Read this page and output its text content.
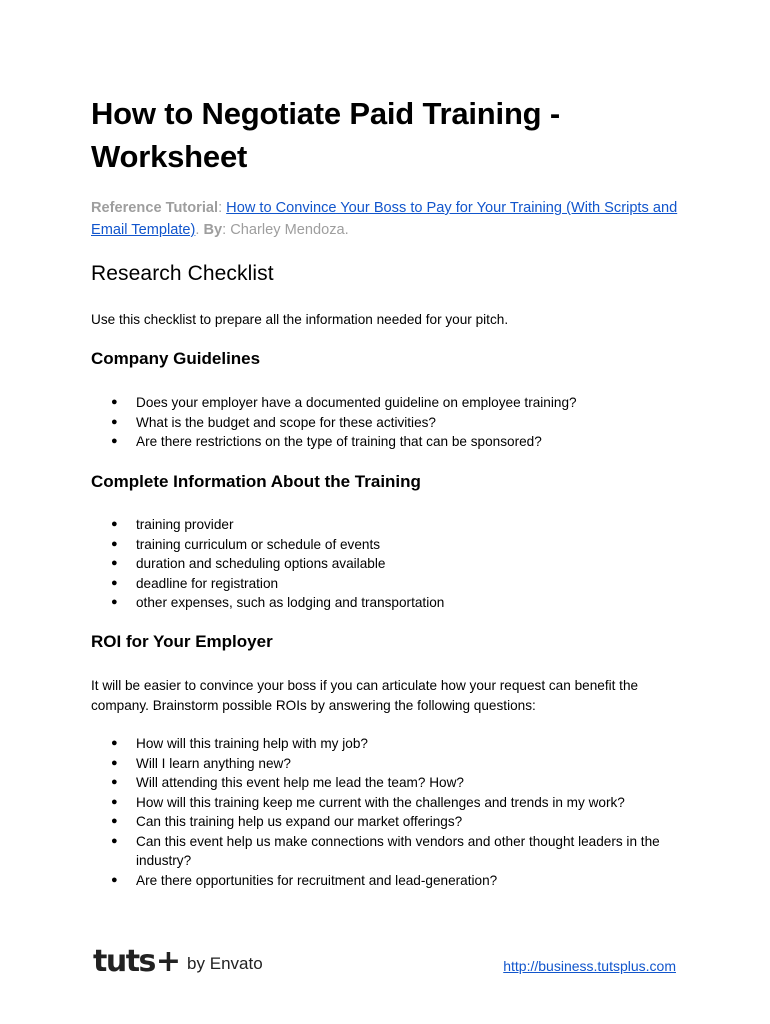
How to Negotiate Paid Training - Worksheet

Reference Tutorial: How to Convince Your Boss to Pay for Your Training (With Scripts and Email Template). By: Charley Mendoza.

Research Checklist

Use this checklist to prepare all the information needed for your pitch.

Company Guidelines
● Does your employer have a documented guideline on employee training?
● What is the budget and scope for these activities?
● Are there restrictions on the type of training that can be sponsored?
Complete Information About the Training
● training provider
● training curriculum or schedule of events
● duration and scheduling options available
● deadline for registration
● other expenses, such as lodging and transportation
ROI for Your Employer

It will be easier to convince your boss if you can articulate how your request can benefit the company. Brainstorm possible ROIs by answering the following questions:

● How will this training help with my job?
● Will I learn anything new?
● Will attending this event help me lead the team? How?
● How will this training keep me current with the challenges and trends in my work?
● Can this training help us expand our market offerings?
● Can this event help us make connections with vendors and other thought leaders in the industry?
● Are there opportunities for recruitment and lead-generation?
tuts + by Envato	http://business.tutsplus.com
